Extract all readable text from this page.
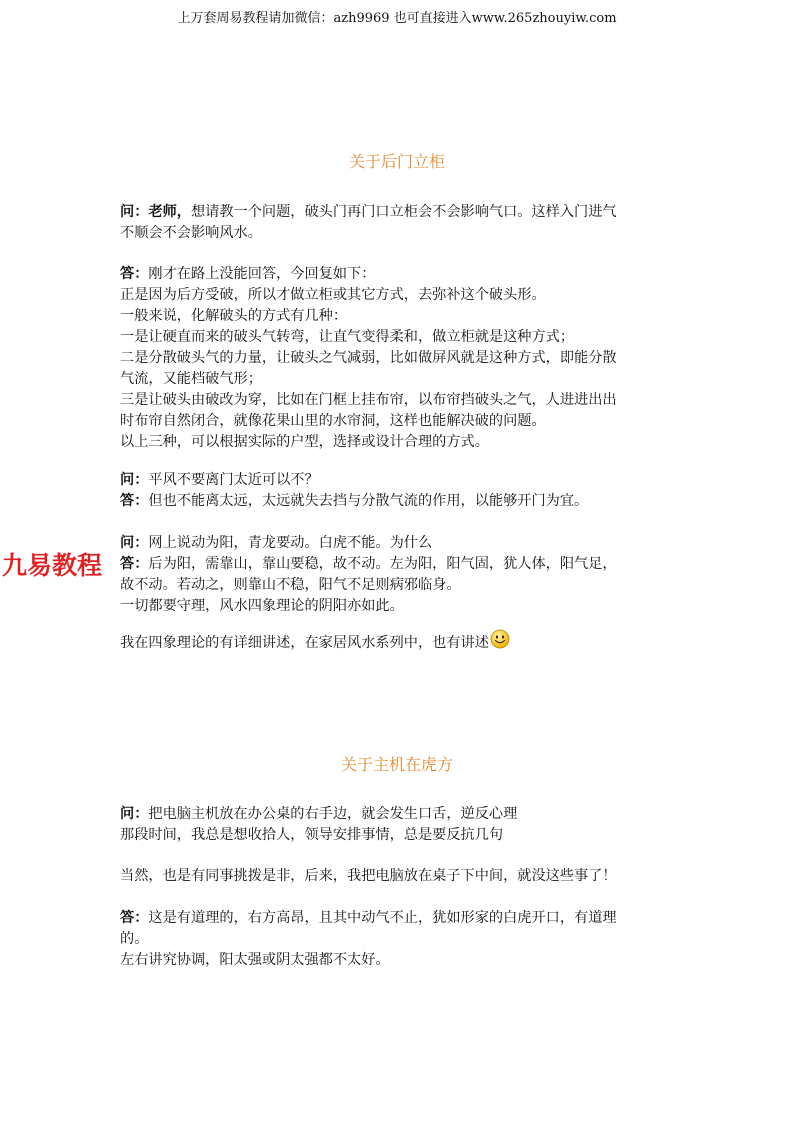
上万套周易教程请加微信：azh9969 也可直接进入www.265zhouyiw.com
关于后门立柜

问：老师，想请教一个问题，破头门再门口立柜会不会影响气口。这样入门进气

不顺会不会影响风水。

答：刚才在路上没能回答，今回复如下：

正是因为后方受破，所以才做立柜或其它方式，去弥补这个破头形。

一般来说，化解破头的方式有几种：

一是让硬直而来的破头气转弯，让直气变得柔和，做立柜就是这种方式；

二是分散破头气的力量，让破头之气减弱，比如做屏风就是这种方式，即能分散

气流，又能档破气形；

三是让破头由破改为穿，比如在门框上挂布帘，以布帘挡破头之气，人进进出出

时布帘自然闭合，就像花果山里的水帘洞，这样也能解决破的问题。

以上三种，可以根据实际的户型，选择或设计合理的方式。

问：平风不要离门太近可以不？

答：但也不能离太远，太远就失去挡与分散气流的作用，以能够开门为宜。

九易教程

问：网上说动为阳，青龙要动。白虎不能。为什么

答：后为阳，需靠山，靠山要稳，故不动。左为阳，阳气固，犹人体，阳气足，

故不动。若动之，则靠山不稳，阳气不足则病邪临身。

一切都要守理，风水四象理论的阴阳亦如此。

我在四象理论的有详细讲述，在家居风水系列中，也有讲述

关于主机在虎方

问：把电脑主机放在办公桌的右手边，就会发生口舌，逆反心理

那段时间，我总是想收拾人，领导安排事情，总是要反抗几句

当然，也是有同事挑拨是非，后来，我把电脑放在桌子下中间，就没这些事了！

答：这是有道理的，右方高昂，且其中动气不止，犹如形家的白虎开口，有道理

的。

左右讲究协调，阳太强或阴太强都不太好。
